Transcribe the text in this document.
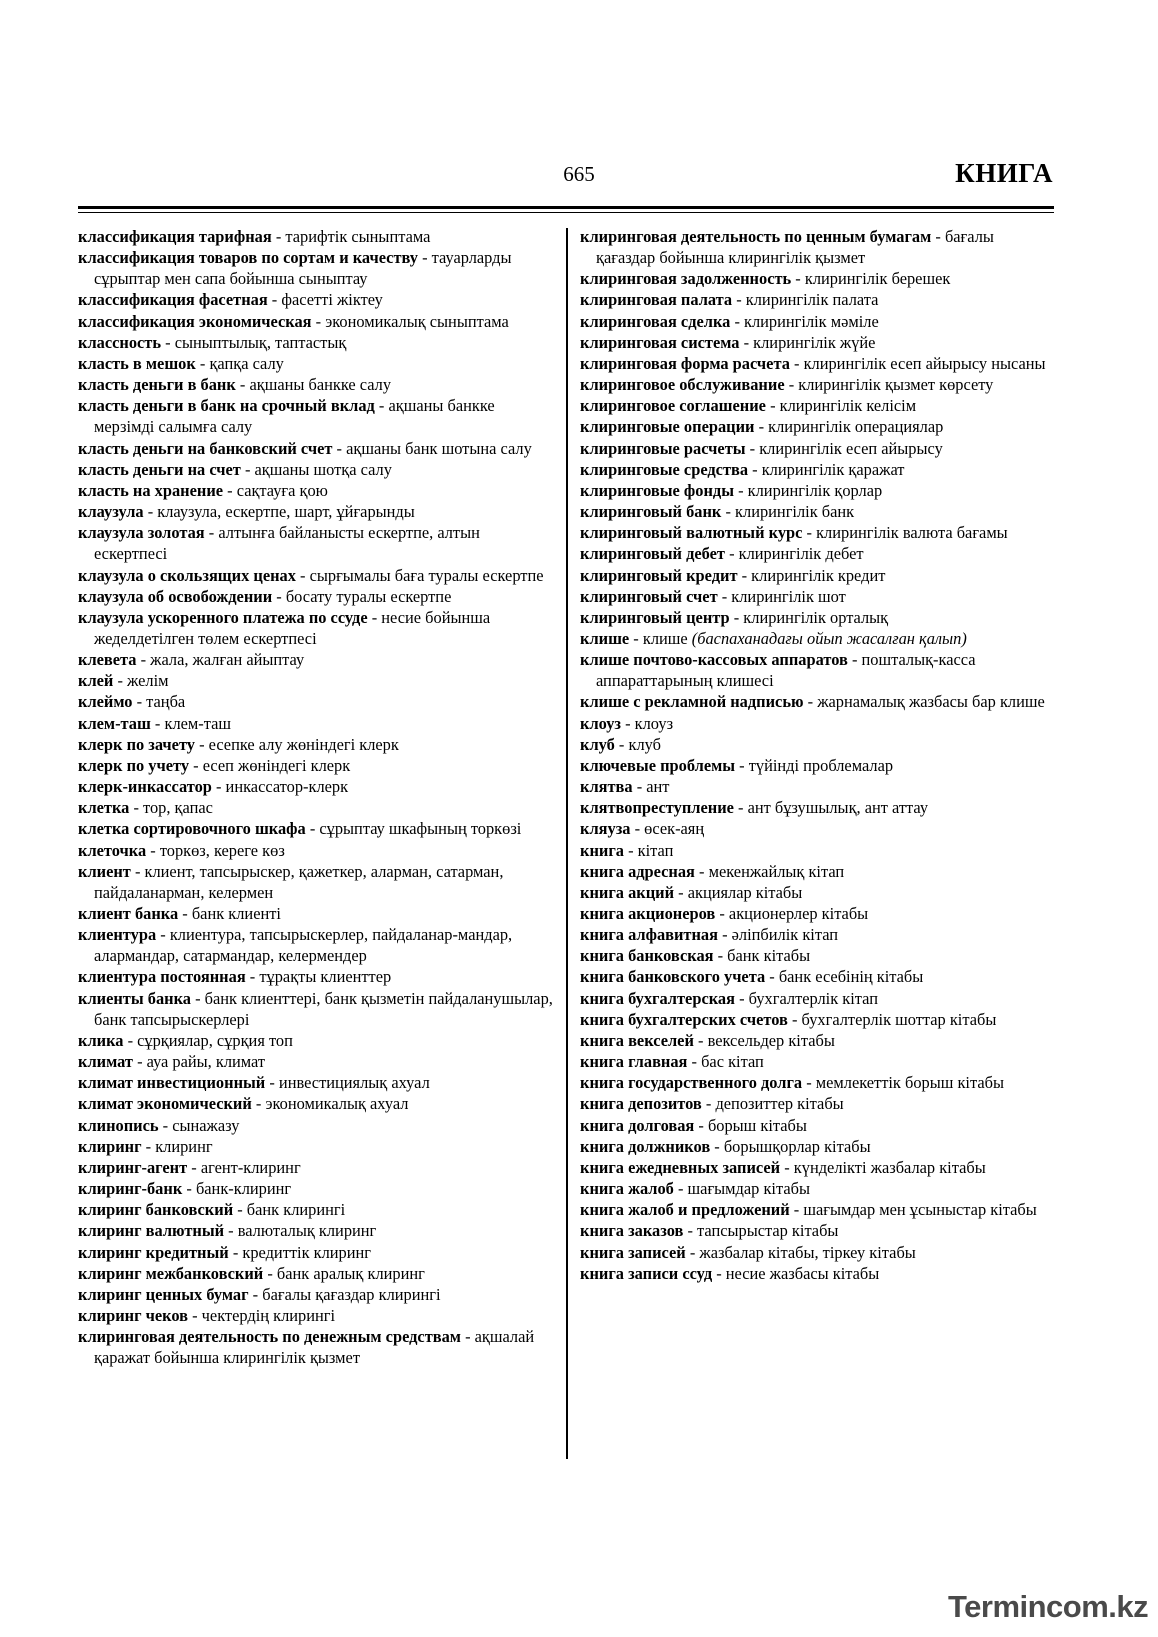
665	КНИГА

классификация тарифная - тарифтік сыныптама

классификация товаров по сортам и качеству - тауарларды сұрыптар мен сапа бойынша сыныптау

классификация фасетная - фасетті жіктеу

классификация экономическая - экономикалық сыныптама

классность - сыныптылық, таптастық

класть в мешок - қапқа салу

класть деньги в банк - ақшаны банкке салу

класть деньги в банк на срочный вклад - ақшаны банкке мерзімді салымға салу

класть деньги на банковский счет - ақшаны банк шотына салу

класть деньги на счет - ақшаны шотқа салу

класть на хранение - сақтауға қою

клаузула - клаузула, ескертпе, шарт, ұйғарынды

клаузула золотая - алтынға байланысты ескертпе, алтын ескертпесі

клаузула о скользящих ценах - сырғымалы баға туралы ескертпе

клаузула об освобождении - босату туралы ескертпе

клаузула ускоренного платежа по ссуде - несие бойынша жеделдетілген төлем ескертпесі

клевета - жала, жалған айыптау

клей - желім

клеймо - таңба

клем-таш - клем-таш

клерк по зачету - есепке алу жөніндегі клерк

клерк по учету - есеп жөніндегі клерк

клерк-инкассатор - инкассатор-клерк

клетка - тор, қапас

клетка сортировочного шкафа - сұрыптау шкафының торкөзі

клеточка - торкөз, кереге көз

клиент - клиент, тапсырыскер, қажеткер, аларман, сатарман, пайдаланарман, келермен

клиент банка - банк клиенті

клиентура - клиентура, тапсырыскерлер, пайдаланар-мандар, алармандар, сатармандар, келермендер

клиентура постоянная - тұрақты клиенттер

клиенты банка - банк клиенттері, банк қызметін пайдаланушылар, банк тапсырыскерлері

клика - сұрқиялар, сұрқия топ

климат - ауа райы, климат

климат инвестиционный - инвестициялық ахуал

климат экономический - экономикалық ахуал

клинопись - сынажазу

клиринг - клиринг

клиринг-агент - агент-клиринг

клиринг-банк - банк-клиринг

клиринг банковский - банк клирингі

клиринг валютный - валюталық клиринг

клиринг кредитный - кредиттік клиринг

клиринг межбанковский - банк аралық клиринг

клиринг ценных бумаг - бағалы қағаздар клирингі

клиринг чеков - чектердің клирингі

клиринговая деятельность по денежным средствам - ақшалай қаражат бойынша клирингілік қызмет

клиринговая деятельность по ценным бумагам - бағалы қағаздар бойынша клирингілік қызмет

клиринговая задолженность - клирингілік берешек

клиринговая палата - клирингілік палата

клиринговая сделка - клирингілік мәміле

клиринговая система - клирингілік жүйе

клиринговая форма расчета - клирингілік есеп айырысу нысаны

клиринговое обслуживание - клирингілік қызмет көрсету

клиринговое соглашение - клирингілік келісім

клиринговые операции - клирингілік операциялар

клиринговые расчеты - клирингілік есеп айырысу

клиринговые средства - клирингілік қаражат

клиринговые фонды - клирингілік қорлар

клиринговый банк - клирингілік банк

клиринговый валютный курс - клирингілік валюта бағамы

клиринговый дебет - клирингілік дебет

клиринговый кредит - клирингілік кредит

клиринговый счет - клирингілік шот

клиринговый центр - клирингілік орталық

клише - клише (баспаханадағы ойып жасалған қалып)

клише почтово-кассовых аппаратов - пошталық-касса аппараттарының клишесі

клише с рекламной надписью - жарнамалық жазбасы бар клише

клоуз - клоуз

клуб - клуб

ключевые проблемы - түйінді проблемалар

клятва - ант

клятвопреступление - ант бұзушылық, ант аттау

кляуза - өсек-аяң

книга - кітап

книга адресная - мекенжайлық кітап

книга акций - акциялар кітабы

книга акционеров - акционерлер кітабы

книга алфавитная - әліпбилік кітап

книга банковская - банк кітабы

книга банковского учета - банк есебінің кітабы

книга бухгалтерская - бухгалтерлік кітап

книга бухгалтерских счетов - бухгалтерлік шоттар кітабы

книга векселей - вексельдер кітабы

книга главная - бас кітап

книга государственного долга - мемлекеттік борыш кітабы

книга депозитов - депозиттер кітабы

книга долговая - борыш кітабы

книга должников - борышқорлар кітабы

книга ежедневных записей - күнделікті жазбалар кітабы

книга жалоб - шағымдар кітабы

книга жалоб и предложений - шағымдар мен ұсыныстар кітабы

книга заказов - тапсырыстар кітабы

книга записей - жазбалар кітабы, тіркеу кітабы

книга записи ссуд - несие жазбасы кітабы

Termincom.kz
